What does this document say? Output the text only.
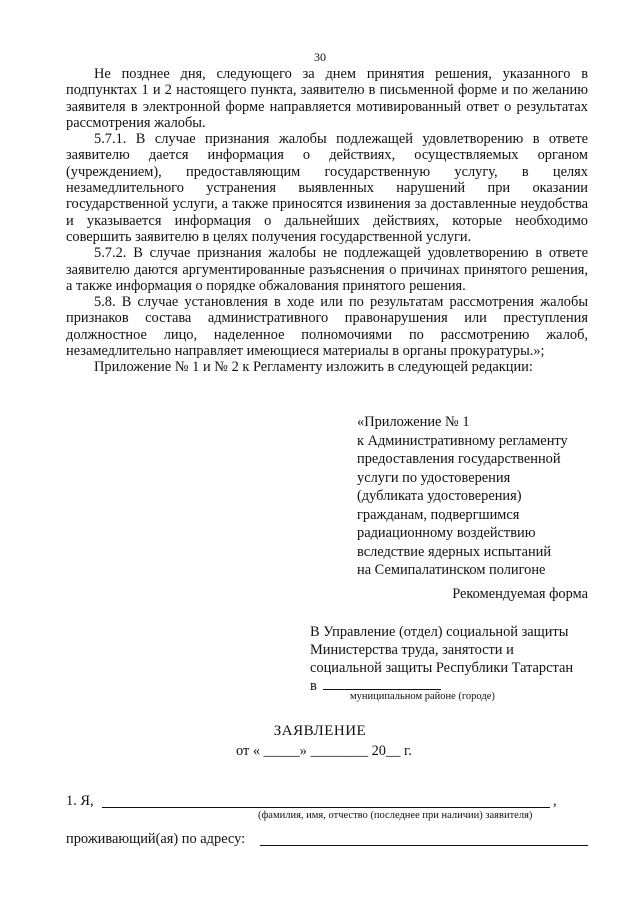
30

Не позднее дня, следующего за днем принятия решения, указанного в подпунктах 1 и 2 настоящего пункта, заявителю в письменной форме и по желанию заявителя в электронной форме направляется мотивированный ответ о результатах рассмотрения жалобы.

5.7.1. В случае признания жалобы подлежащей удовлетворению в ответе заявителю дается информация о действиях, осуществляемых органом (учреждением), предоставляющим государственную услугу, в целях незамедлительного устранения выявленных нарушений при оказании государственной услуги, а также приносятся извинения за доставленные неудобства и указывается информация о дальнейших действиях, которые необходимо совершить заявителю в целях получения государственной услуги.

5.7.2. В случае признания жалобы не подлежащей удовлетворению в ответе заявителю даются аргументированные разъяснения о причинах принятого решения, а также информация о порядке обжалования принятого решения.

5.8. В случае установления в ходе или по результатам рассмотрения жалобы признаков состава административного правонарушения или преступления должностное лицо, наделенное полномочиями по рассмотрению жалоб, незамедлительно направляет имеющиеся материалы в органы прокуратуры.»;

Приложение № 1 и № 2 к Регламенту изложить в следующей редакции:

«Приложение № 1
к Административному регламенту
предоставления государственной
услуги по удостоверения
(дубликата удостоверения)
гражданам, подвергшимся
радиационному воздействию
вследствие ядерных испытаний
на Семипалатинском полигоне
Рекомендуемая форма
В Управление (отдел) социальной защиты
Министерства труда, занятости и
социальной защиты Республики Татарстан
в
муниципальном районе (городе)
ЗАЯВЛЕНИЕ
от « _____» ________ 20__ г.
1. Я,	,
(фамилия, имя, отчество (последнее при наличии) заявителя)
проживающий(ая) по адресу:
